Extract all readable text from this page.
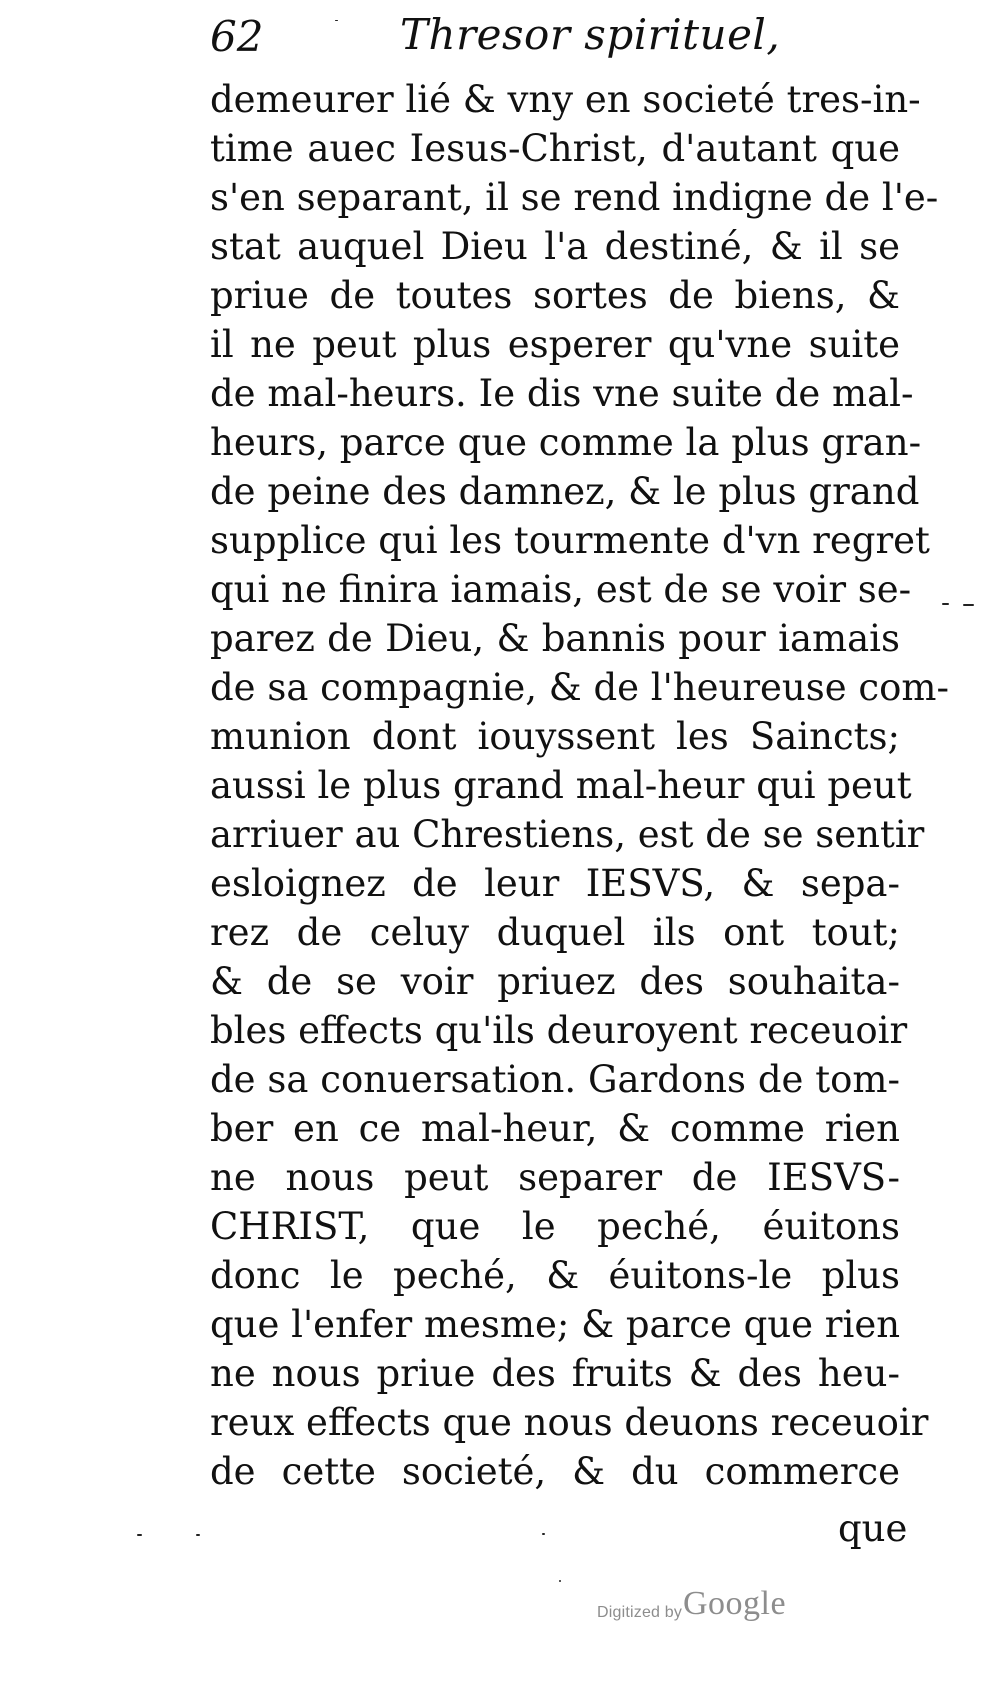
62	Thresor spirituel,
demeurer lié & vny en societé tres-in-
time auec Iesus-Christ, d'autant que
s'en separant, il se rend indigne de l'e-
stat auquel Dieu l'a destiné, & il se
priue de toutes sortes de biens, &
il ne peut plus esperer qu'vne suite
de mal-heurs. Ie dis vne suite de mal-
heurs, parce que comme la plus gran-
de peine des damnez, & le plus grand
supplice qui les tourmente d'vn regret
qui ne finira iamais, est de se voir se-
parez de Dieu, & bannis pour iamais
de sa compagnie, & de l'heureuse com-
munion dont iouyssent les Saincts;
aussi le plus grand mal-heur qui peut
arriuer au Chrestiens, est de se sentir
esloignez de leur IESVS, & sepa-
rez de celuy duquel ils ont tout;
& de se voir priuez des souhaita-
bles effects qu'ils deuroyent receuoir
de sa conuersation. Gardons de tom-
ber en ce mal-heur, & comme rien
ne nous peut separer de IESVS-
CHRIST, que le peché, éuitons
donc le peché, & éuitons-le plus
que l'enfer mesme; & parce que rien
ne nous priue des fruits & des heu-
reux effects que nous deuons receuoir
de cette societé, & du commerce
que
Digitized by Google
